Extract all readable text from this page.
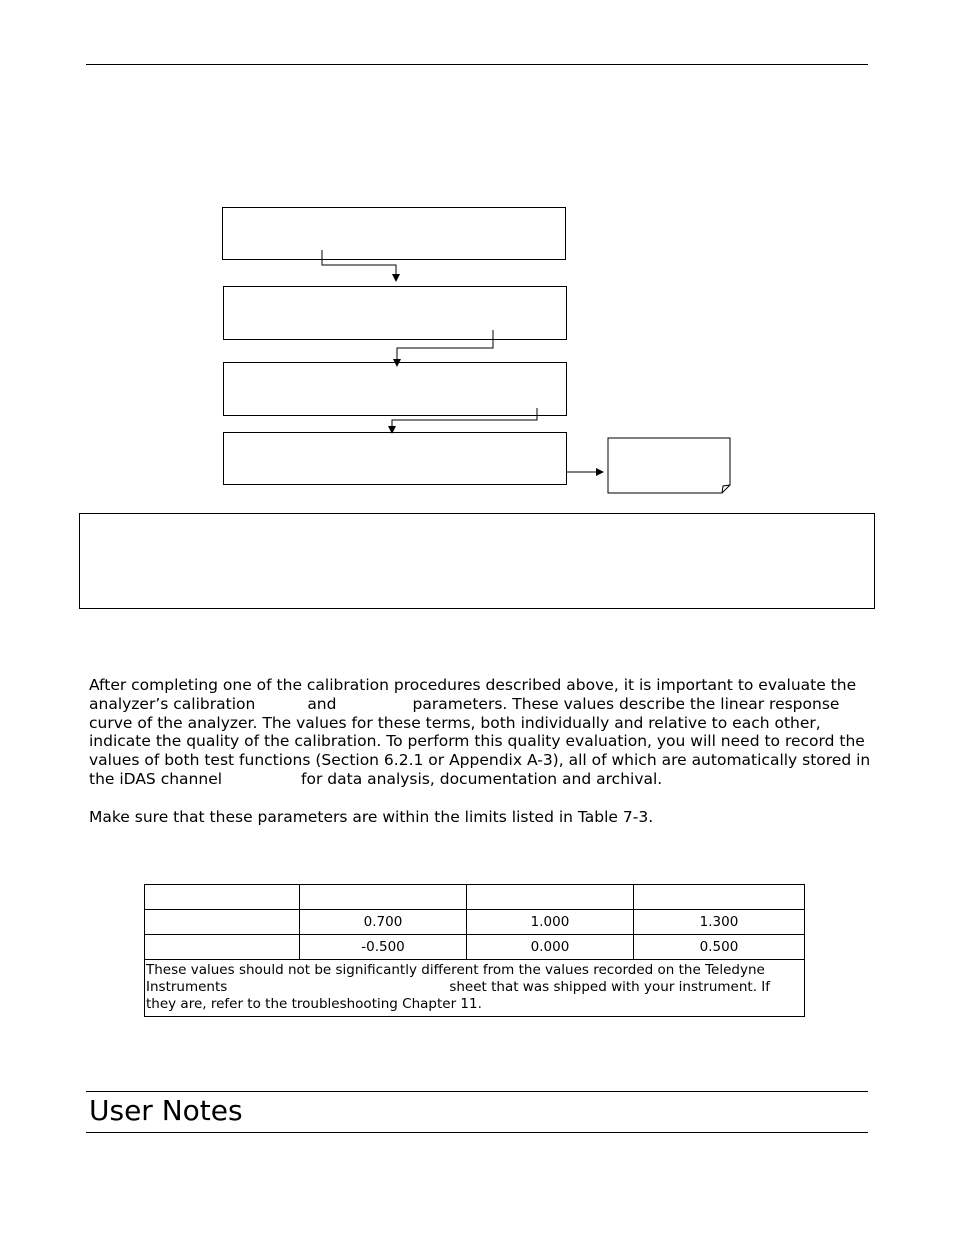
After completing one of the calibration procedures described above, it is important to evaluate the analyzer’s calibration	and	parameters. These values describe the linear response curve of the analyzer. The values for these terms, both individually and relative to each other, indicate the quality of the calibration. To perform this quality evaluation, you will need to record the values of both test functions (Section 6.2.1 or Appendix A-3), all of which are automatically stored in the iDAS channel	for data analysis, documentation and archival.

Make sure that these parameters are within the limits listed in Table 7-3.

	0.700	1.000	1.300
	-0.500	0.000	0.500
These values should not be significantly different from the values recorded on the Teledyne Instruments sheet that was shipped with your instrument. If they are, refer to the troubleshooting Chapter 11.			
User Notes
